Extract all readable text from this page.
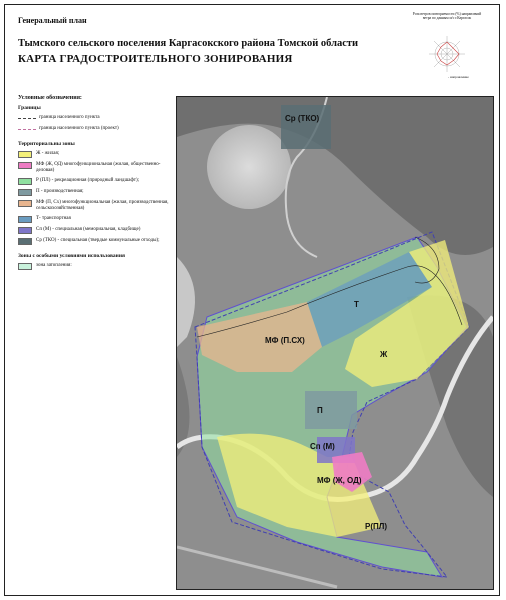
Генеральный план
Тымского сельского поселения Каргасокского района Томской области
КАРТА ГРАДОСТРОИТЕЛЬНОГО ЗОНИРОВАНИЯ
Роза ветров повторяемости (%) направлений ветра по данным м/с г.Каргасок
- направление
Условные обозначения:
Границы
граница населенного пункта
граница населенного пункта (проект)
Территориальны зоны
Ж - жилая;
МФ (Ж, ОД) многофункциональная (жилая, общественно-деловая)
Р (ПЛ) - рекреационная (природный ландшафт);
П - производственная;
МФ (П, Сх) многофункциональная (жилая, производственная, сельскохозяйственная)
Т- транспортная
Сп (М) - специальная (мемориальная, кладбище)
Ср (ТКО) - специальная (твердые коммунальные отходы);
Зоны с особыми условиями использования
зона затопления:
Ср (ТКО)
Т
МФ (П.СХ)
Ж
П
Сп (М)
МФ (Ж, ОД)
Р(ПЛ)
